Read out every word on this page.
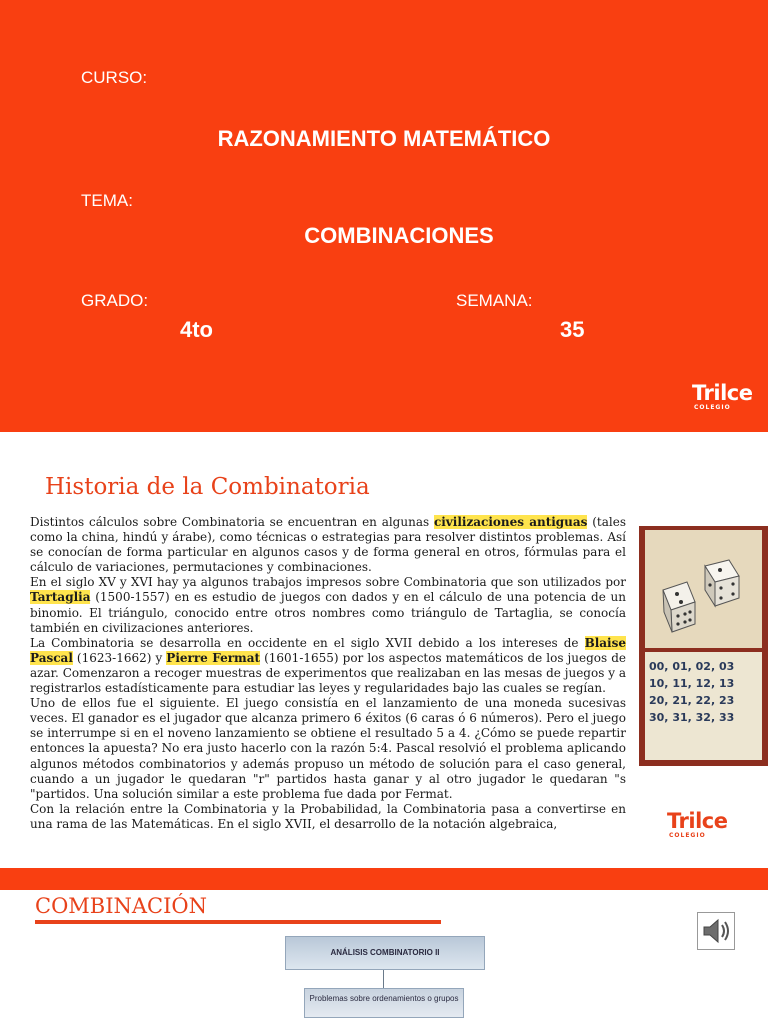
CURSO:
RAZONAMIENTO MATEMÁTICO
TEMA:
COMBINACIONES
GRADO:
4to
SEMANA:
35
Trilce
COLEGIO
Historia de la Combinatoria

Distintos cálculos sobre Combinatoria se encuentran en algunas civilizaciones antiguas (tales como la china, hindú y árabe), como técnicas o estrategias para resolver distintos problemas. Así se conocían de forma particular en algunos casos y de forma general en otros, fórmulas para el cálculo de variaciones, permutaciones y combinaciones.

En el siglo XV y XVI hay ya algunos trabajos impresos sobre Combinatoria que son utilizados por Tartaglia (1500-1557) en es estudio de juegos con dados y en el cálculo de una potencia de un binomio. El triángulo, conocido entre otros nombres como triángulo de Tartaglia, se conocía también en civilizaciones anteriores.

La Combinatoria se desarrolla en occidente en el siglo XVII debido a los intereses de Blaise Pascal (1623-1662) y Pierre Fermat (1601-1655) por los aspectos matemáticos de los juegos de azar. Comenzaron a recoger muestras de experimentos que realizaban en las mesas de juegos y a registrarlos estadísticamente para estudiar las leyes y regularidades bajo las cuales se regían.

Uno de ellos fue el siguiente. El juego consistía en el lanzamiento de una moneda sucesivas veces. El ganador es el jugador que alcanza primero 6 éxitos (6 caras ó 6 números). Pero el juego se interrumpe si en el noveno lanzamiento se obtiene el resultado 5 a 4. ¿Cómo se puede repartir entonces la apuesta? No era justo hacerlo con la razón 5:4. Pascal resolvió el problema aplicando algunos métodos combinatorios y además propuso un método de solución para el caso general, cuando a un jugador le quedaran "r" partidos hasta ganar y al otro jugador le quedaran "s "partidos. Una solución similar a este problema fue dada por Fermat.

Con la relación entre la Combinatoria y la Probabilidad, la Combinatoria pasa a convertirse en una rama de las Matemáticas. En el siglo XVII, el desarrollo de la notación algebraica,

00, 01, 02, 03
10, 11, 12, 13
20, 21, 22, 23
30, 31, 32, 33
Trilce
COLEGIO
COMBINACIÓN
ANÁLISIS COMBINATORIO II
Problemas sobre ordenamientos o grupos
